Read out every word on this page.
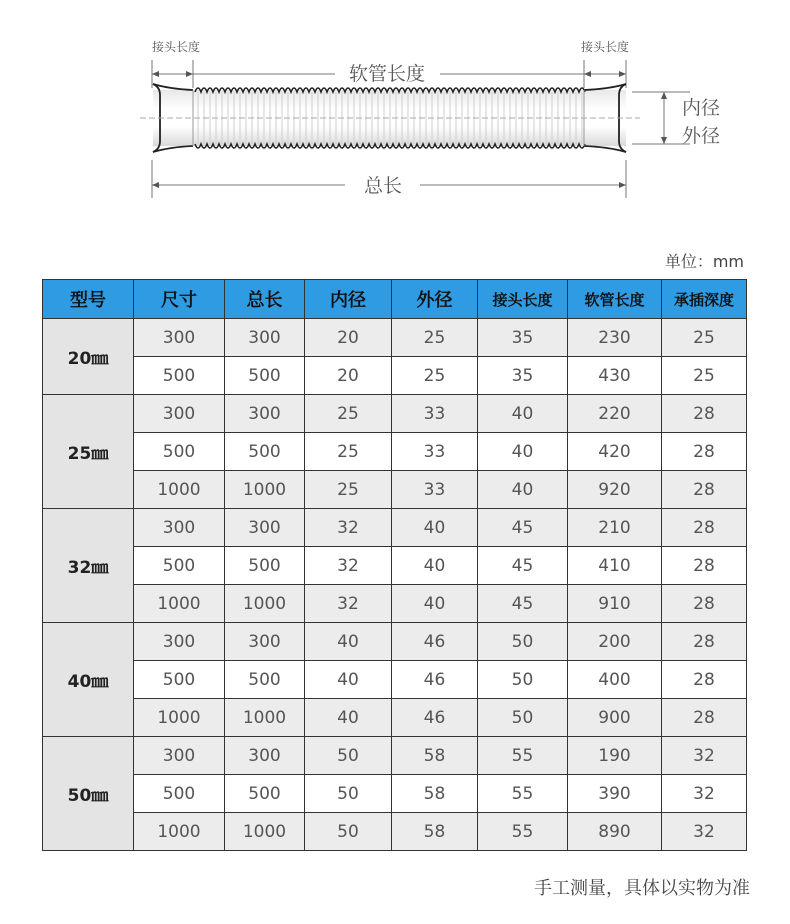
接头长度	接头长度
软管长度
内径
外径
总长
单位：mm
型号	尺寸	总长	内径	外径	接头长度	软管长度	承插深度
20㎜	300	300	20	25	35	230	25
	500	500	20	25	35	430	25
25㎜	300	300	25	33	40	220	28
	500	500	25	33	40	420	28
	1000	1000	25	33	40	920	28
32㎜	300	300	32	40	45	210	28
	500	500	32	40	45	410	28
	1000	1000	32	40	45	910	28
40㎜	300	300	40	46	50	200	28
	500	500	40	46	50	400	28
	1000	1000	40	46	50	900	28
50㎜	300	300	50	58	55	190	32
	500	500	50	58	55	390	32
	1000	1000	50	58	55	890	32
手工测量，具体以实物为准
